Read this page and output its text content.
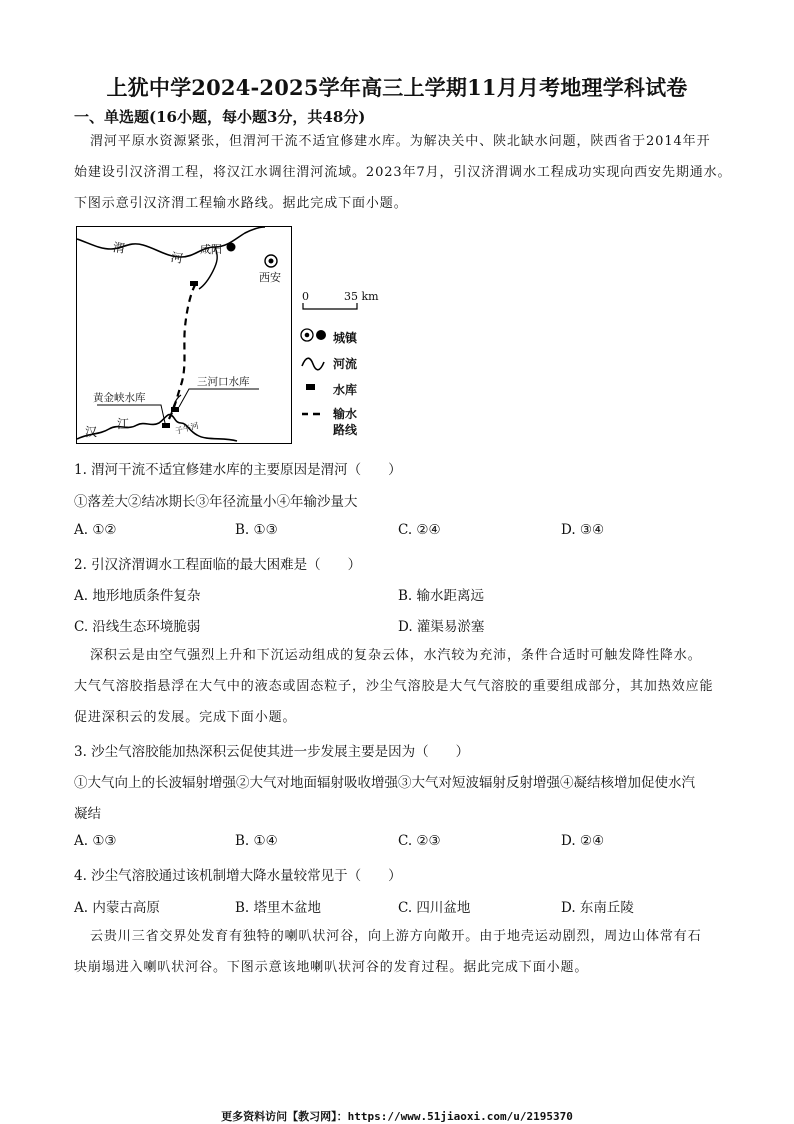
上犹中学2024-2025学年高三上学期11月月考地理学科试卷
一、单选题(16小题，每小题3分，共48分)
渭河平原水资源紧张，但渭河干流不适宜修建水库。为解决关中、陕北缺水问题，陕西省于2014年开
始建设引汉济渭工程，将汉江水调往渭河流域。2023年7月，引汉济渭调水工程成功实现向西安先期通水。
下图示意引汉济渭工程输水路线。据此完成下面小题。
渭
河
咸阳
西安
黄金峡水库
三河口水库
汉
江	子午河
0	35 km
城镇
河流
水库
输水
路线
1. 渭河干流不适宜修建水库的主要原因是渭河（　　）
①落差大②结冰期长③年径流量小④年输沙量大
A. ①②	B. ①③	C. ②④	D. ③④
2. 引汉济渭调水工程面临的最大困难是（　　）
A. 地形地质条件复杂	B. 输水距离远
C. 沿线生态环境脆弱	D. 灌渠易淤塞
深积云是由空气强烈上升和下沉运动组成的复杂云体，水汽较为充沛，条件合适时可触发降性降水。
大气气溶胶指悬浮在大气中的液态或固态粒子，沙尘气溶胶是大气气溶胶的重要组成部分，其加热效应能
促进深积云的发展。完成下面小题。
3. 沙尘气溶胶能加热深积云促使其进一步发展主要是因为（　　）
①大气向上的长波辐射增强②大气对地面辐射吸收增强③大气对短波辐射反射增强④凝结核增加促使水汽
凝结
A. ①③	B. ①④	C. ②③	D. ②④
4. 沙尘气溶胶通过该机制增大降水量较常见于（　　）
A. 内蒙古高原	B. 塔里木盆地	C. 四川盆地	D. 东南丘陵
云贵川三省交界处发育有独特的喇叭状河谷，向上游方向敞开。由于地壳运动剧烈，周边山体常有石
块崩塌进入喇叭状河谷。下图示意该地喇叭状河谷的发育过程。据此完成下面小题。
更多资料访问【教习网】：https://www.51jiaoxi.com/u/2195370
